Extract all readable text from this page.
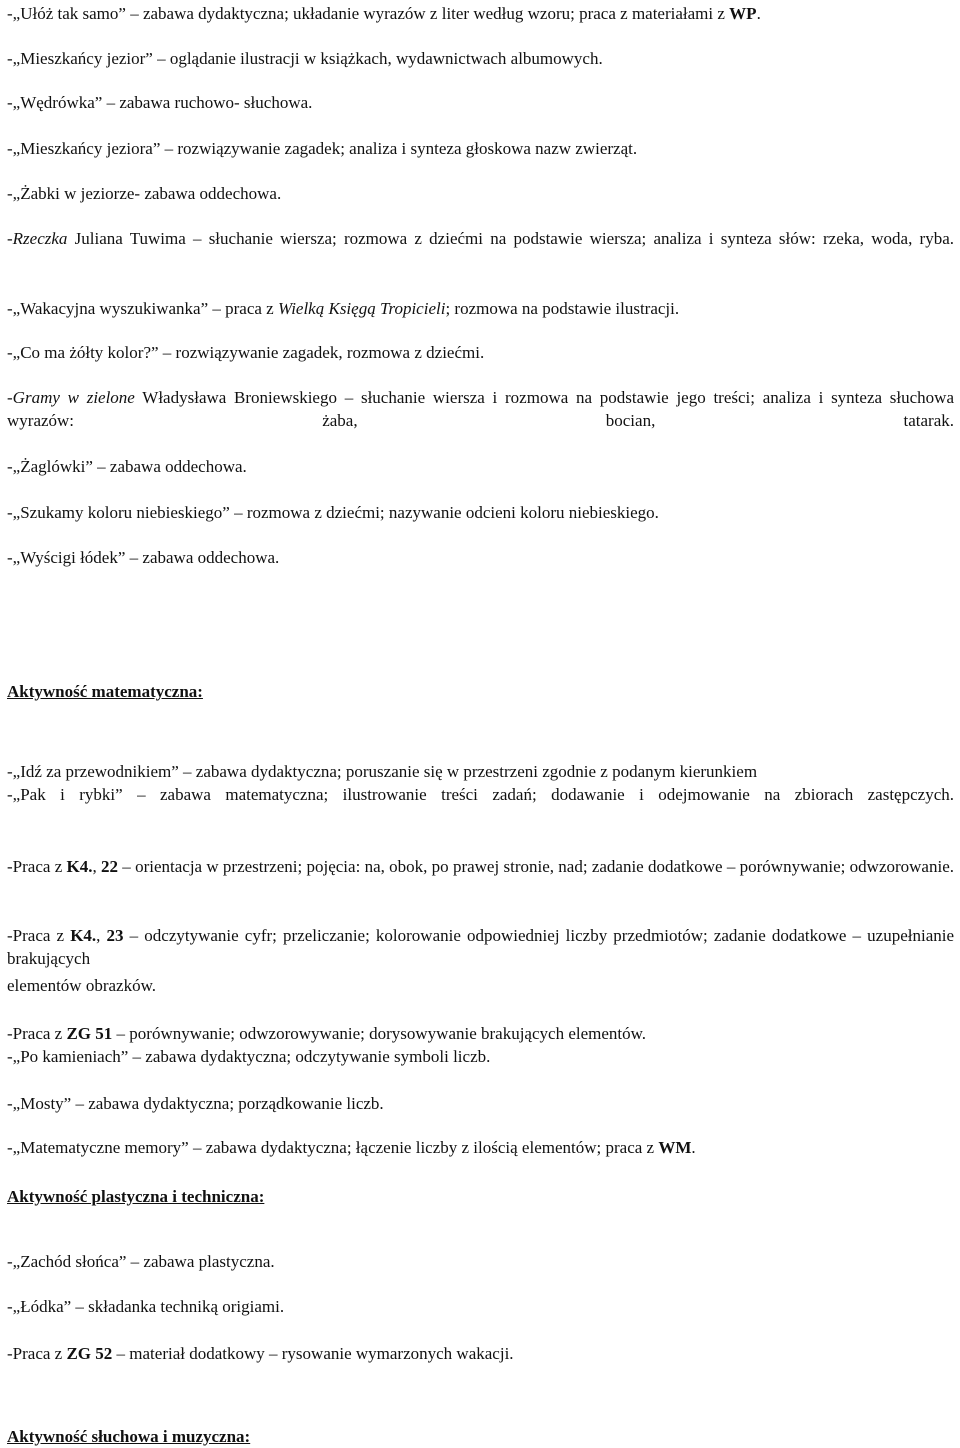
-„Ułóż tak samo” – zabawa dydaktyczna; układanie wyrazów z liter według wzoru; praca z materiałami z WP.
-„Mieszkańcy jezior” – oglądanie ilustracji w książkach, wydawnictwach albumowych.
-„Wędrówka” – zabawa ruchowo- słuchowa.
-„Mieszkańcy jeziora” – rozwiązywanie zagadek; analiza i synteza głoskowa nazw zwierząt.
-„Żabki w jeziorze- zabawa oddechowa.
-Rzeczka Juliana Tuwima – słuchanie wiersza; rozmowa z dziećmi na podstawie wiersza; analiza i synteza słów: rzeka, woda, ryba.
-„Wakacyjna wyszukiwanka” – praca z Wielką Księgą Tropicieli; rozmowa na podstawie ilustracji.
-„Co ma żółty kolor?” – rozwiązywanie zagadek, rozmowa z dziećmi.
-Gramy w zielone Władysława Broniewskiego – słuchanie wiersza i rozmowa na podstawie jego treści; analiza i synteza słuchowa wyrazów: żaba, bocian, tatarak.
-„Żaglówki” – zabawa oddechowa.
-„Szukamy koloru niebieskiego” – rozmowa z dziećmi; nazywanie odcieni koloru niebieskiego.
-„Wyścigi łódek” – zabawa oddechowa.
Aktywność matematyczna:
-„Idź za przewodnikiem” – zabawa dydaktyczna; poruszanie się w przestrzeni zgodnie z podanym kierunkiem
-„Pak i rybki” – zabawa matematyczna; ilustrowanie treści zadań; dodawanie i odejmowanie na zbiorach zastępczych.
-Praca z K4., 22 – orientacja w przestrzeni; pojęcia: na, obok, po prawej stronie, nad; zadanie dodatkowe – porównywanie; odwzorowanie.
-Praca z K4., 23 – odczytywanie cyfr; przeliczanie; kolorowanie odpowiedniej liczby przedmiotów; zadanie dodatkowe – uzupełnianie brakujących
elementów obrazków.
-Praca z ZG 51 – porównywanie; odwzorowywanie; dorysowywanie brakujących elementów.
-„Po kamieniach” – zabawa dydaktyczna; odczytywanie symboli liczb.
-„Mosty” – zabawa dydaktyczna; porządkowanie liczb.
-„Matematyczne memory” – zabawa dydaktyczna; łączenie liczby z ilością elementów; praca z WM.
Aktywność plastyczna i techniczna:
-„Zachód słońca” – zabawa plastyczna.
-„Łódka” – składanka techniką origiami.
-Praca z ZG 52 – materiał dodatkowy – rysowanie wymarzonych wakacji.
Aktywność słuchowa i muzyczna:
